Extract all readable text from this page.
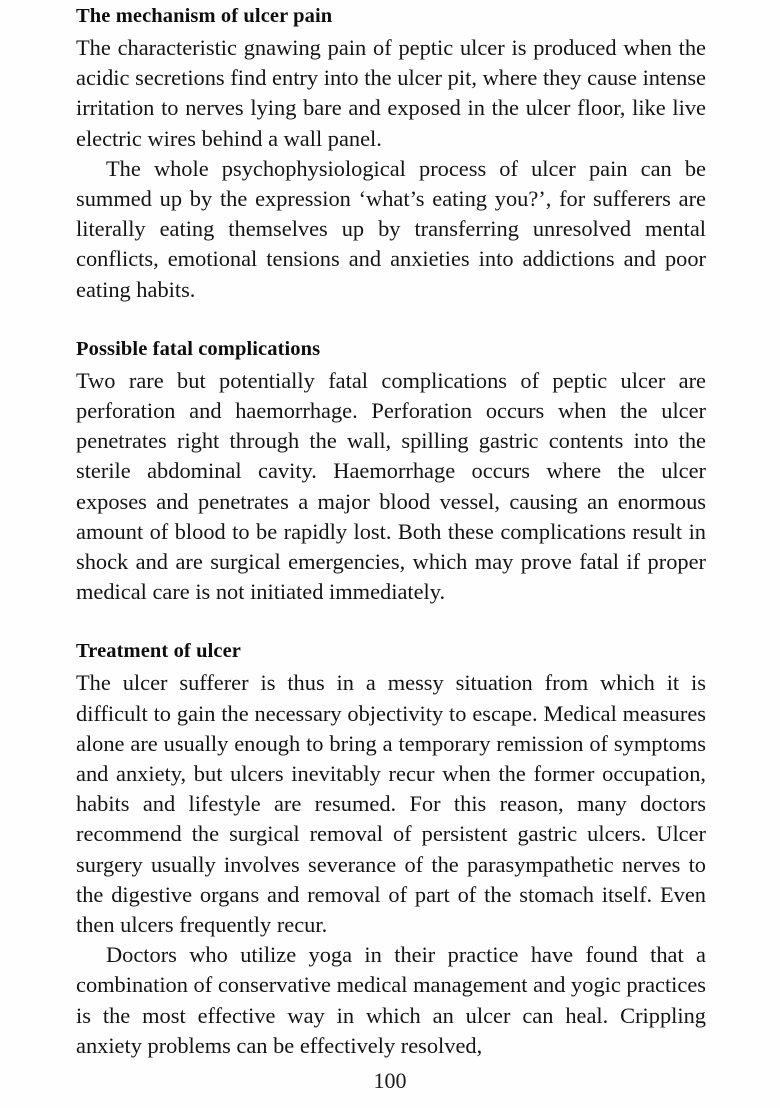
The mechanism of ulcer pain

The characteristic gnawing pain of peptic ulcer is produced when the acidic secretions find entry into the ulcer pit, where they cause intense irritation to nerves lying bare and exposed in the ulcer floor, like live electric wires behind a wall panel.

The whole psychophysiological process of ulcer pain can be summed up by the expression ‘what’s eating you?’, for sufferers are literally eating themselves up by transferring unresolved mental conflicts, emotional tensions and anxieties into addictions and poor eating habits.

Possible fatal complications

Two rare but potentially fatal complications of peptic ulcer are perforation and haemorrhage. Perforation occurs when the ulcer penetrates right through the wall, spilling gastric contents into the sterile abdominal cavity. Haemorrhage occurs where the ulcer exposes and penetrates a major blood vessel, causing an enormous amount of blood to be rapidly lost. Both these complications result in shock and are surgical emergencies, which may prove fatal if proper medical care is not initiated immediately.

Treatment of ulcer

The ulcer sufferer is thus in a messy situation from which it is difficult to gain the necessary objectivity to escape. Medical measures alone are usually enough to bring a temporary remission of symptoms and anxiety, but ulcers inevitably recur when the former occupation, habits and lifestyle are resumed. For this reason, many doctors recommend the surgical removal of persistent gastric ulcers. Ulcer surgery usually involves severance of the parasympathetic nerves to the digestive organs and removal of part of the stomach itself. Even then ulcers frequently recur.

Doctors who utilize yoga in their practice have found that a combination of conservative medical management and yogic practices is the most effective way in which an ulcer can heal. Crippling anxiety problems can be effectively resolved,

100
